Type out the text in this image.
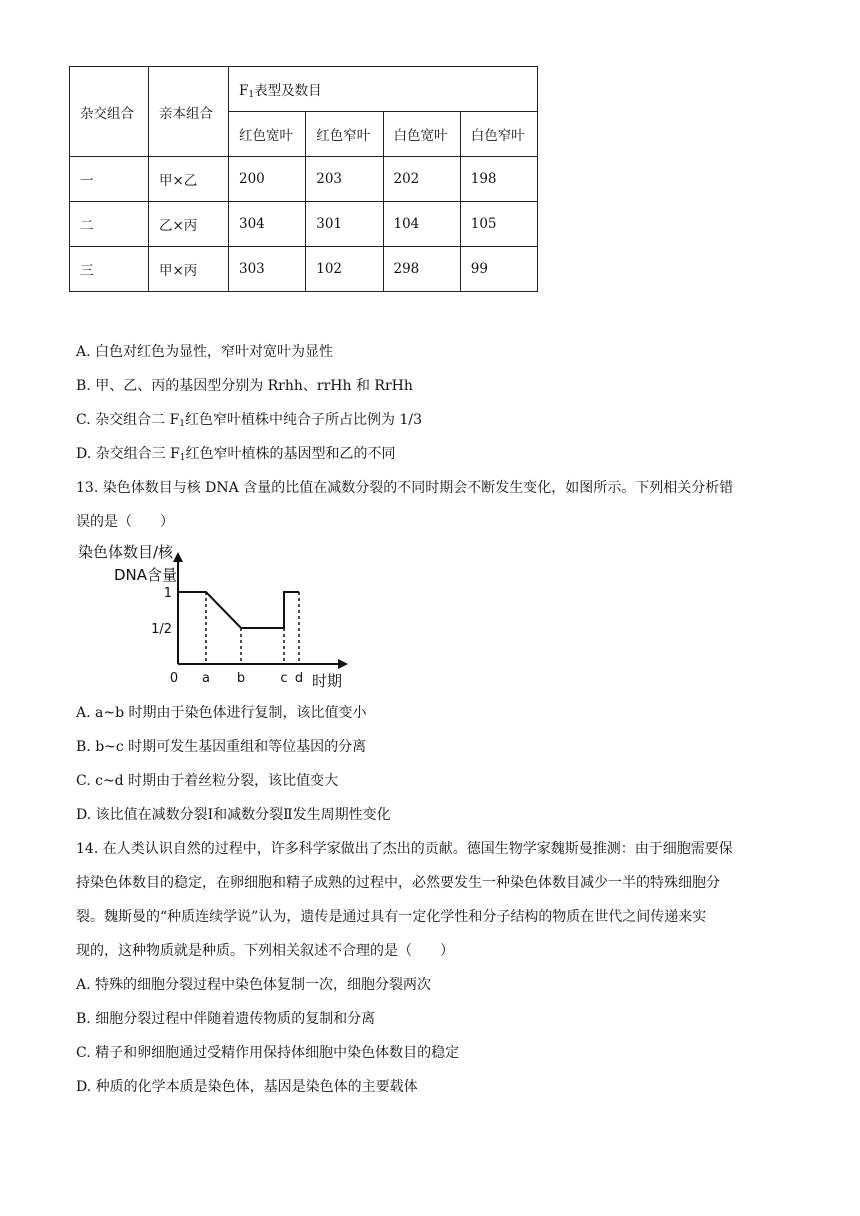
杂交组合	亲本组合	$F_1$表型及数目			
		红色宽叶	红色窄叶	白色宽叶	白色窄叶
一	甲×乙	200	203	202	198
二	乙×丙	304	301	104	105
三	甲×丙	303	102	298	99
A. 白色对红色为显性，窄叶对宽叶为显性
B. 甲、乙、丙的基因型分别为 Rrhh、rrHh 和 RrHh
C. 杂交组合二 $F_1$红色窄叶植株中纯合子所占比例为 1/3
D. 杂交组合三 $F_1$红色窄叶植株的基因型和乙的不同
13. 染色体数目与核 DNA 含量的比值在减数分裂的不同时期会不断发生变化，如图所示。下列相关分析错
误的是（　　）
染色体数目/核
DNA含量
1
1/2
0 a b	c d 时期
A. a~b 时期由于染色体进行复制，该比值变小
B. b~c 时期可发生基因重组和等位基因的分离
C. c~d 时期由于着丝粒分裂，该比值变大
D. 该比值在减数分裂Ⅰ和减数分裂Ⅱ发生周期性变化
14. 在人类认识自然的过程中，许多科学家做出了杰出的贡献。德国生物学家魏斯曼推测：由于细胞需要保
持染色体数目的稳定，在卵细胞和精子成熟的过程中，必然要发生一种染色体数目减少一半的特殊细胞分
裂。魏斯曼的“种质连续学说”认为，遗传是通过具有一定化学性和分子结构的物质在世代之间传递来实
现的，这种物质就是种质。下列相关叙述不合理的是（　　）
A. 特殊的细胞分裂过程中染色体复制一次，细胞分裂两次
B. 细胞分裂过程中伴随着遗传物质的复制和分离
C. 精子和卵细胞通过受精作用保持体细胞中染色体数目的稳定
D. 种质的化学本质是染色体，基因是染色体的主要载体
